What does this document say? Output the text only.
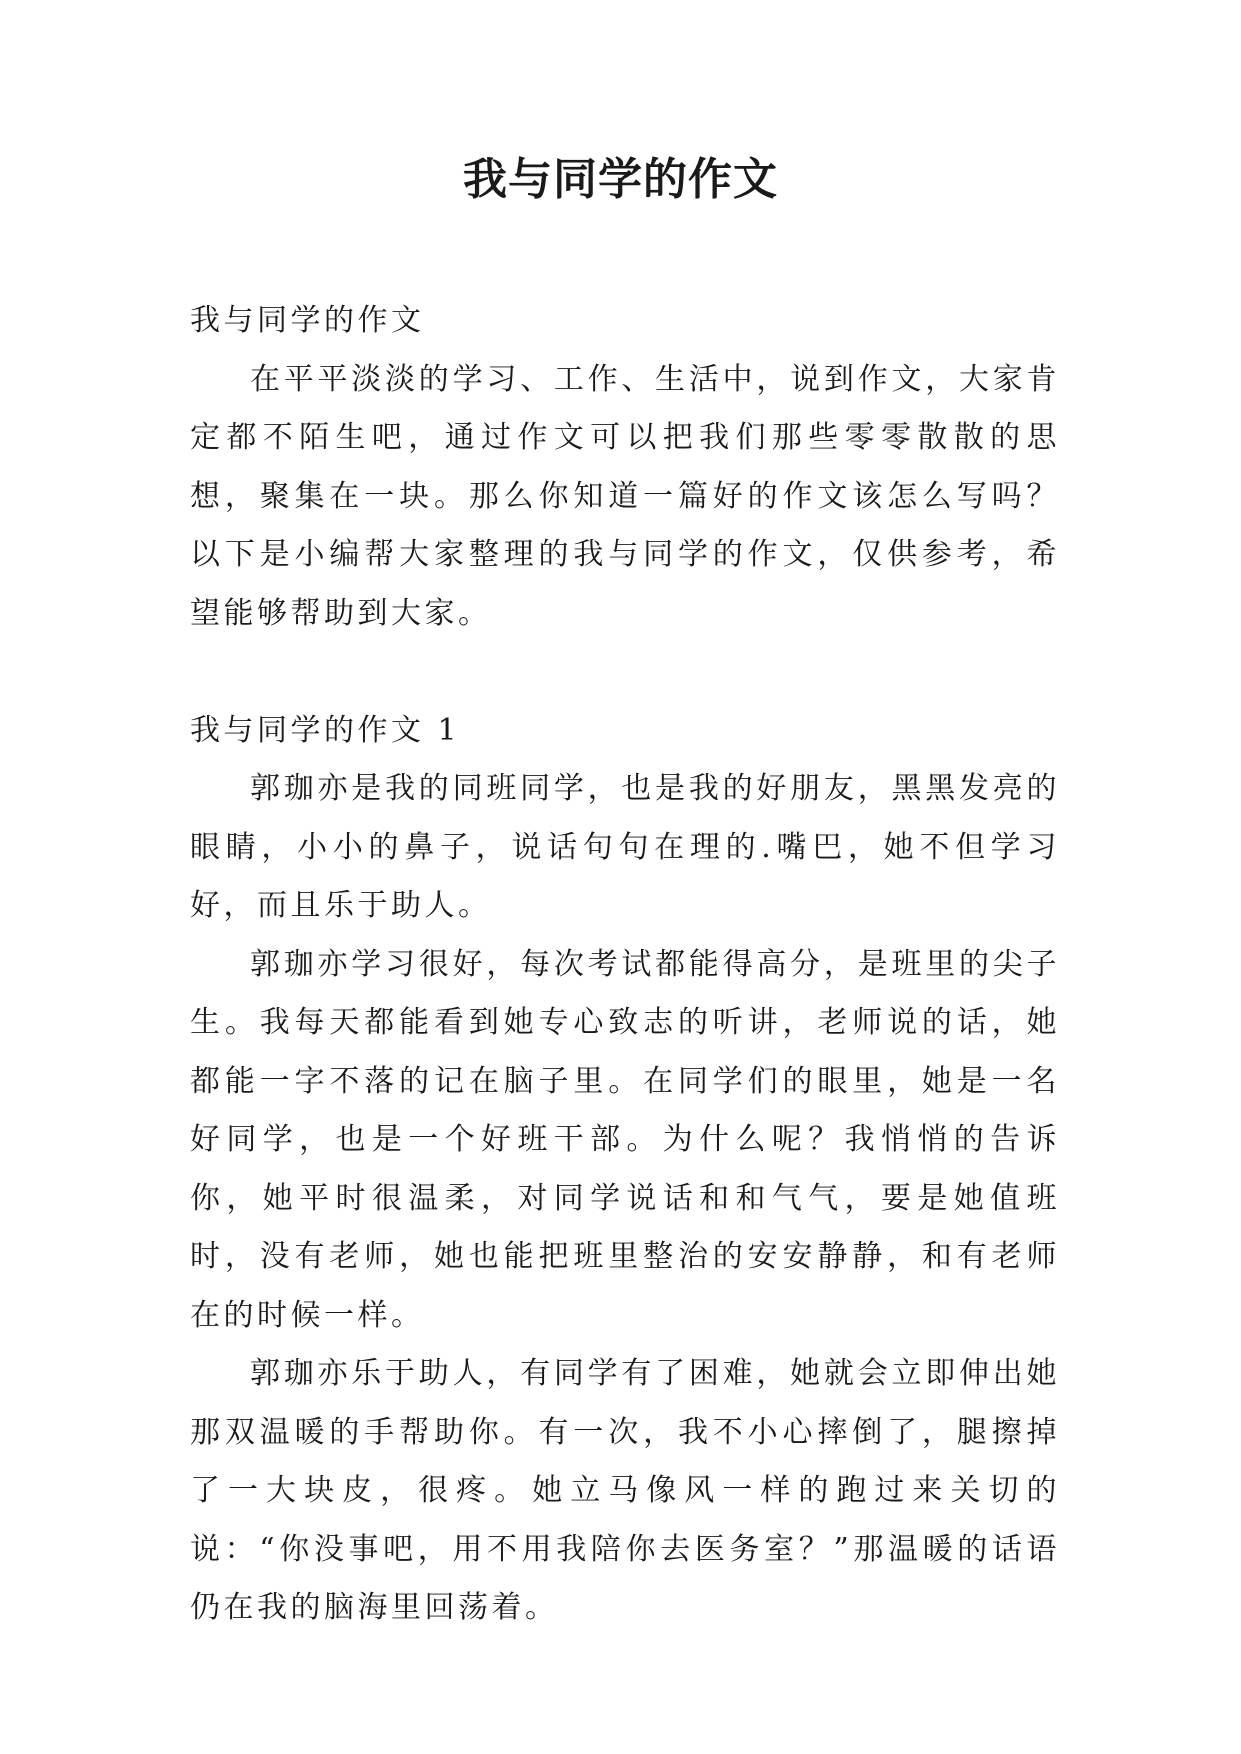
我与同学的作文

我与同学的作文

在平平淡淡的学习、工作、生活中，说到作文，大家肯定都不陌生吧，通过作文可以把我们那些零零散散的思想，聚集在一块。那么你知道一篇好的作文该怎么写吗？以下是小编帮大家整理的我与同学的作文，仅供参考，希望能够帮助到大家。

我与同学的作文 1

郭珈亦是我的同班同学，也是我的好朋友，黑黑发亮的眼睛，小小的鼻子，说话句句在理的.嘴巴，她不但学习好，而且乐于助人。

郭珈亦学习很好，每次考试都能得高分，是班里的尖子生。我每天都能看到她专心致志的听讲，老师说的话，她都能一字不落的记在脑子里。在同学们的眼里，她是一名好同学，也是一个好班干部。为什么呢？我悄悄的告诉你，她平时很温柔，对同学说话和和气气，要是她值班时，没有老师，她也能把班里整治的安安静静，和有老师在的时候一样。

郭珈亦乐于助人，有同学有了困难，她就会立即伸出她那双温暖的手帮助你。有一次，我不小心摔倒了，腿擦掉了一大块皮，很疼。她立马像风一样的跑过来关切的说：“你没事吧，用不用我陪你去医务室？”那温暖的话语仍在我的脑海里回荡着。
